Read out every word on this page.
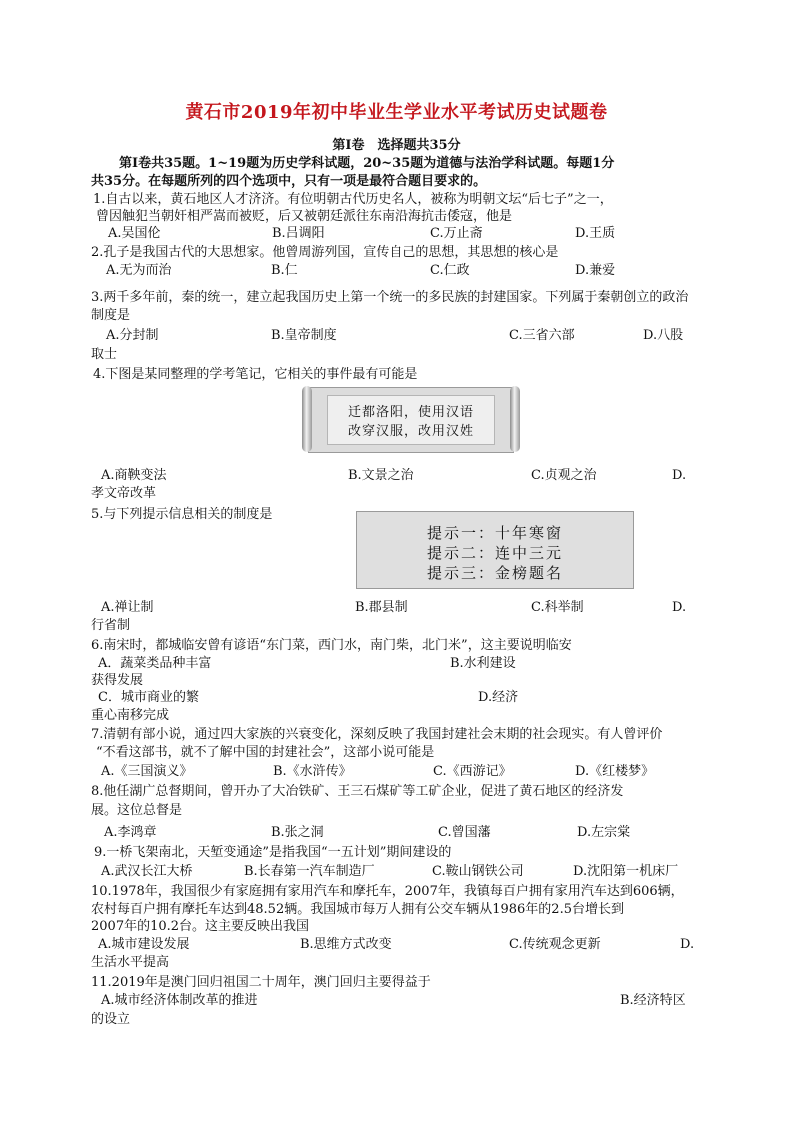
黄石市2019年初中毕业生学业水平考试历史试题卷
第Ⅰ卷　选择题共35分
第Ⅰ卷共35题。1~19题为历史学科试题，20~35题为道德与法治学科试题。每题1分
共35分。在每题所列的四个选项中，只有一项是最符合题目要求的。
1.自古以来，黄石地区人才济济。有位明朝古代历史名人，被称为明朝文坛“后七子”之一，
曾因触犯当朝奸相严嵩而被贬，后又被朝廷派往东南沿海抗击倭寇，他是
A.吴国伦	B.吕调阳	C.万止斋	D.王质
2.孔子是我国古代的大思想家。他曾周游列国，宣传自己的思想，其思想的核心是
A.无为而治	B.仁	C.仁政	D.兼爱
3.两千多年前，秦的统一，建立起我国历史上第一个统一的多民族的封建国家。下列属于秦朝创立的政治
制度是
A.分封制	B.皇帝制度	C.三省六部	D.八股
取士
4.下图是某同整理的学考笔记，它相关的事件最有可能是
迁都洛阳，使用汉语
改穿汉服，改用汉姓
A.商鞅变法	B.文景之治	C.贞观之治	D.
孝文帝改革
5.与下列提示信息相关的制度是
提示一：十年寒窗
提示二：连中三元
提示三：金榜题名
A.禅让制	B.郡县制	C.科举制	D.
行省制
6.南宋时，都城临安曾有谚语“东门菜，西门水，南门柴，北门米”，这主要说明临安
A．蔬菜类品种丰富	B.水利建设
获得发展
C．城市商业的繁	D.经济
重心南移完成
7.清朝有部小说，通过四大家族的兴衰变化，深刻反映了我国封建社会末期的社会现实。有人曾评价
“不看这部书，就不了解中国的封建社会”，这部小说可能是
A.《三国演义》	B.《水浒传》	C.《西游记》	D.《红楼梦》
8.他任湖广总督期间，曾开办了大冶铁矿、王三石煤矿等工矿企业，促进了黄石地区的经济发
展。这位总督是
A.李鸿章	B.张之洞	C.曾国藩	D.左宗棠
9.一桥飞架南北，天堑变通途”是指我国“一五计划”期间建设的
A.武汉长江大桥	B.长春第一汽车制造厂	C.鞍山钢铁公司	D.沈阳第一机床厂
10.1978年，我国很少有家庭拥有家用汽车和摩托车，2007年，我镇每百户拥有家用汽车达到606辆，
农村每百户拥有摩托车达到48.52辆。我国城市每万人拥有公交车辆从1986年的2.5台增长到
2007年的10.2台。这主要反映出我国
A.城市建设发展	B.思维方式改变	C.传统观念更新	D.
生活水平提高
11.2019年是澳门回归祖国二十周年，澳门回归主要得益于
A.城市经济体制改革的推进	B.经济特区
的设立
